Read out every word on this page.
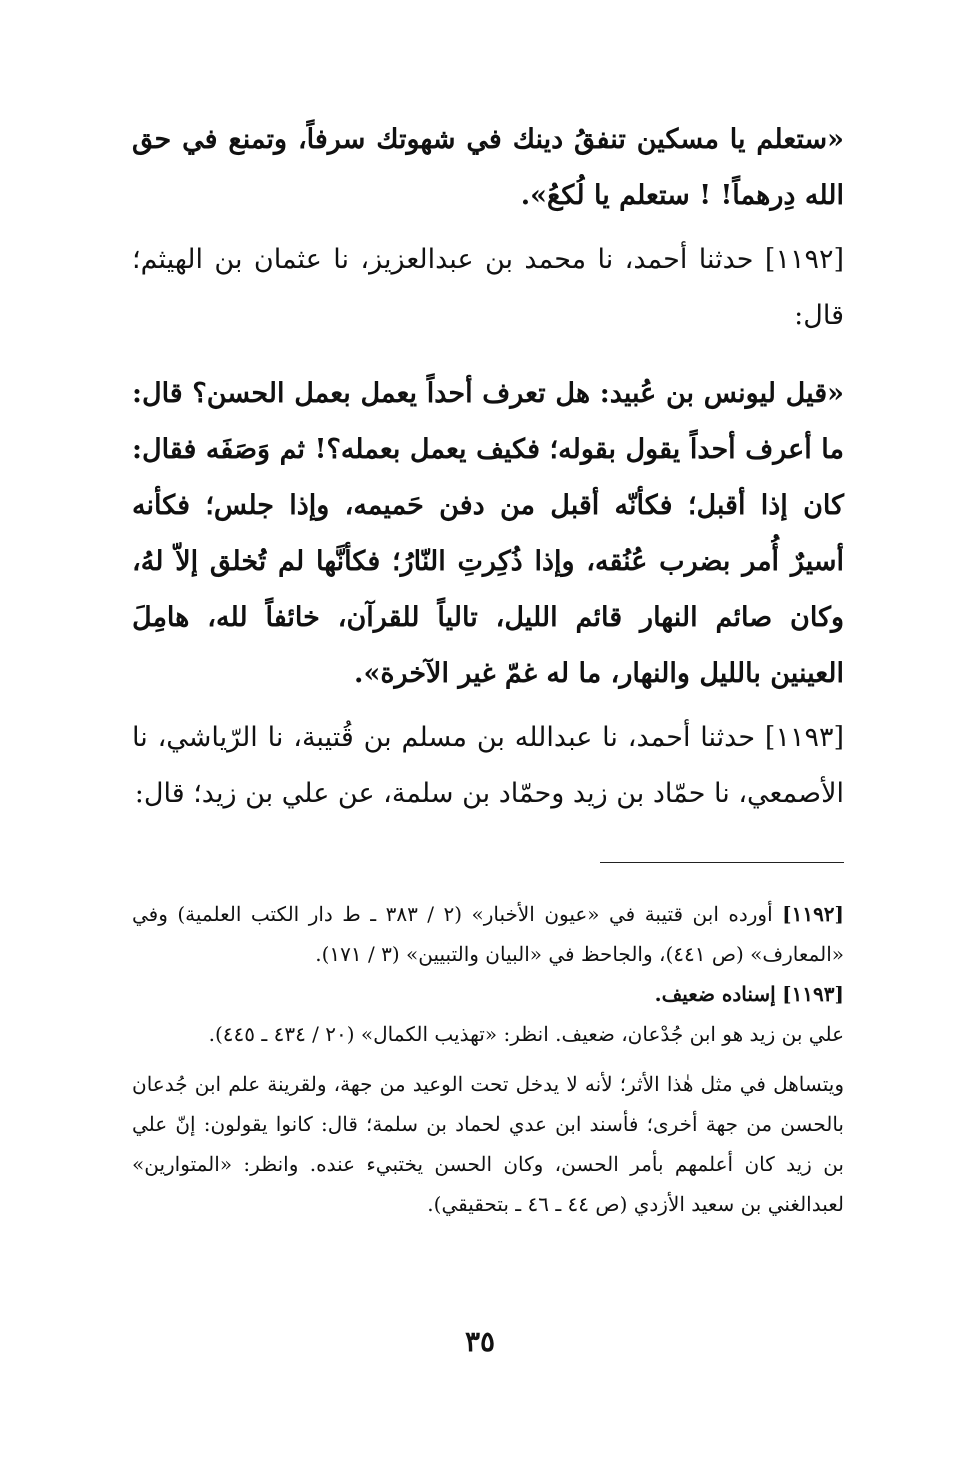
«ستعلم يا مسكين تنفقُ دينك في شهوتك سرفاً، وتمنع في حق الله دِرهماً! ! ستعلم يا لُكعُ».

[١١٩٢] حدثنا أحمد، نا محمد بن عبدالعزيز، نا عثمان بن الهيثم؛ قال:

«قيل ليونس بن عُبيد: هل تعرف أحداً يعمل بعمل الحسن؟ قال: ما أعرف أحداً يقول بقوله؛ فكيف يعمل بعمله؟! ثم وَصَفَه فقال: كان إذا أقبل؛ فكأنّه أقبل من دفن حَميمه، وإذا جلس؛ فكأنه أسيرٌ أُمر بضرب عُنُقه، وإذا ذُكِرتِ النّارُ؛ فكأنَّها لم تُخلق إلاّ لهُ، وكان صائم النهار قائم الليل، تالياً للقرآن، خائفاً لله، هامِلَ العينين بالليل والنهار، ما له غمّ غير الآخرة».

[١١٩٣] حدثنا أحمد، نا عبدالله بن مسلم بن قُتيبة، نا الرّياشي، نا الأصمعي، نا حمّاد بن زيد وحمّاد بن سلمة، عن علي بن زيد؛ قال:

[١١٩٢] أورده ابن قتيبة في «عيون الأخبار» (٢ / ٣٨٣ ـ ط دار الكتب العلمية) وفي «المعارف» (ص ٤٤١)، والجاحظ في «البيان والتبيين» (٣ / ١٧١).

[١١٩٣] إسناده ضعيف.

علي بن زيد هو ابن جُدْعان، ضعيف. انظر: «تهذيب الكمال» (٢٠ / ٤٣٤ ـ ٤٤٥).

ويتساهل في مثل هٰذا الأثر؛ لأنه لا يدخل تحت الوعيد من جهة، ولقرينة علم ابن جُدعان بالحسن من جهة أخرى؛ فأسند ابن عدي لحماد بن سلمة؛ قال: كانوا يقولون: إنّ علي بن زيد كان أعلمهم بأمر الحسن، وكان الحسن يختبيء عنده. وانظر: «المتوارين» لعبدالغني بن سعيد الأزدي (ص ٤٤ ـ ٤٦ ـ بتحقيقي).

٣٥
